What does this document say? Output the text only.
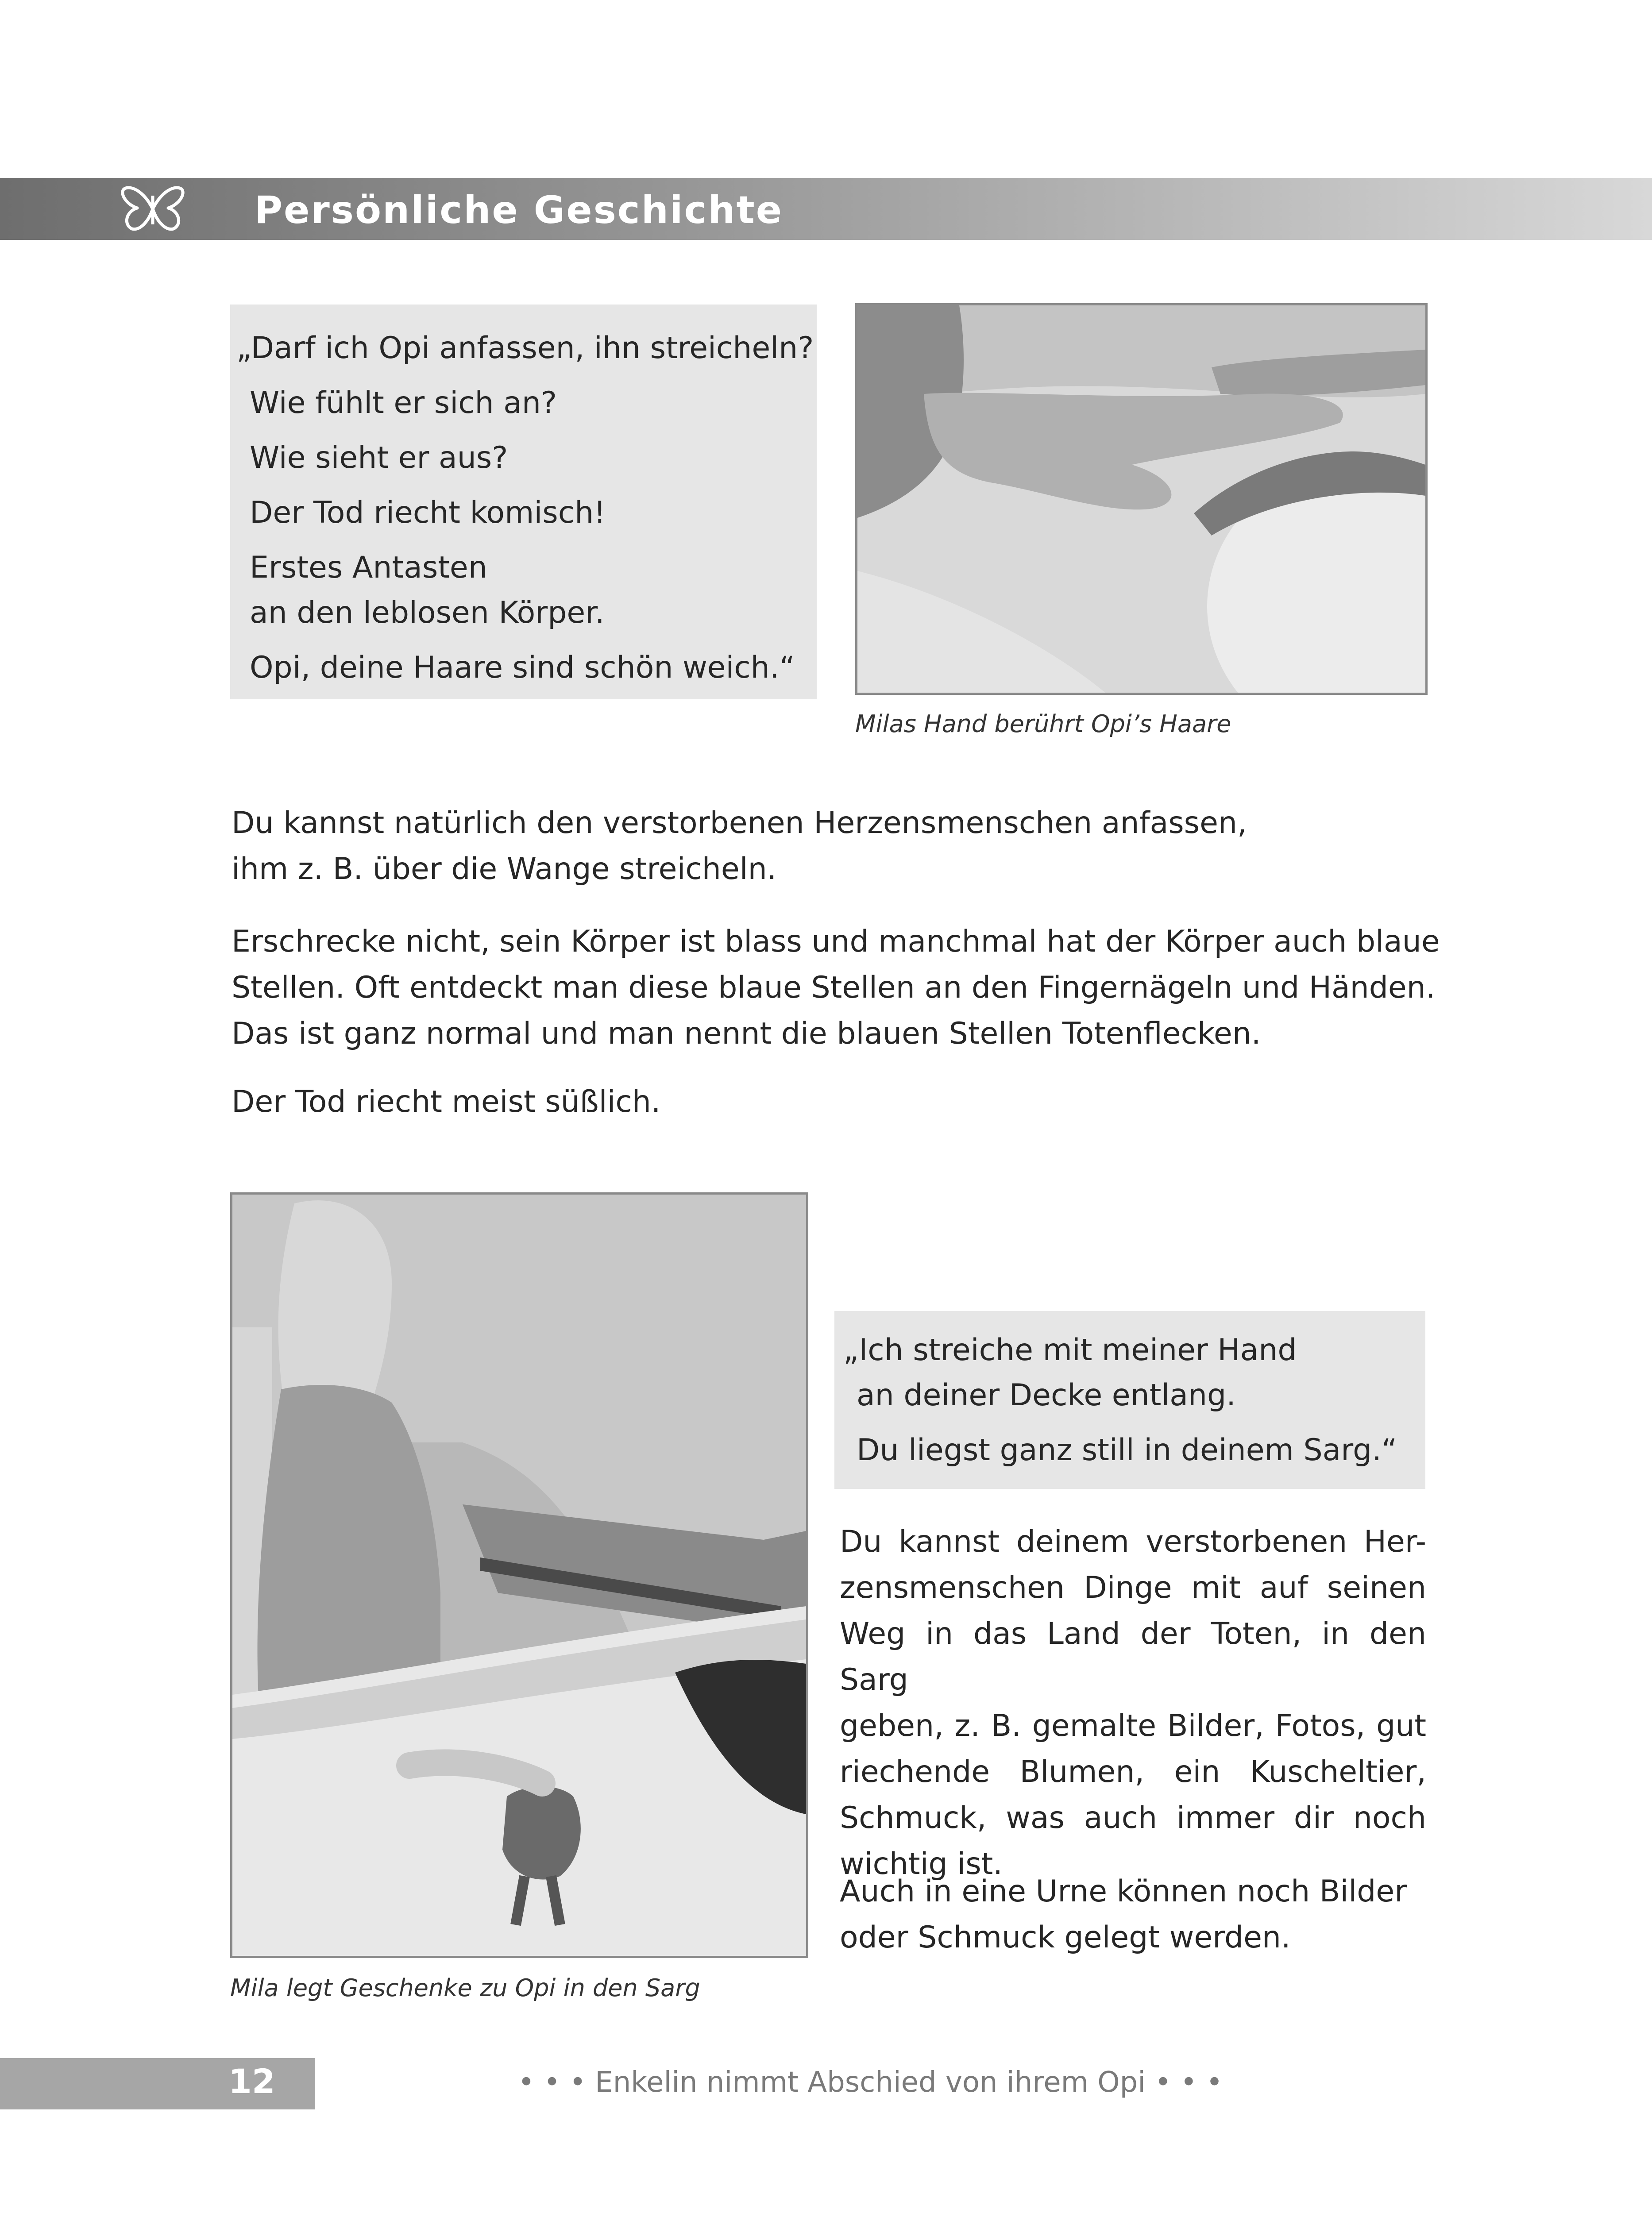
Persönliche Geschichte
„Darf ich Opi anfassen, ihn streicheln?
Wie fühlt er sich an?
Wie sieht er aus?
Der Tod riecht komisch!
Erstes Antasten
an den leblosen Körper.
Opi, deine Haare sind schön weich.“
Milas Hand berührt Opi’s Haare
Du kannst natürlich den verstorbenen Herzensmenschen anfassen,
ihm z. B. über die Wange streicheln.
Erschrecke nicht, sein Körper ist blass und manchmal hat der Körper auch blaue
Stellen. Oft entdeckt man diese blaue Stellen an den Fingernägeln und Händen.
Das ist ganz normal und man nennt die blauen Stellen Totenflecken.
Der Tod riecht meist süßlich.
Mila legt Geschenke zu Opi in den Sarg
„Ich streiche mit meiner Hand
an deiner Decke entlang.
Du liegst ganz still in deinem Sarg.“
Du kannst deinem verstorbenen Her-
zensmenschen Dinge mit auf seinen
Weg in das Land der Toten, in den Sarg
geben, z. B. gemalte Bilder, Fotos, gut
riechende Blumen, ein Kuscheltier,
Schmuck, was auch immer dir noch
wichtig ist.
Auch in eine Urne können noch Bilder
oder Schmuck gelegt werden.
12	• • • Enkelin nimmt Abschied von ihrem Opi • • •
